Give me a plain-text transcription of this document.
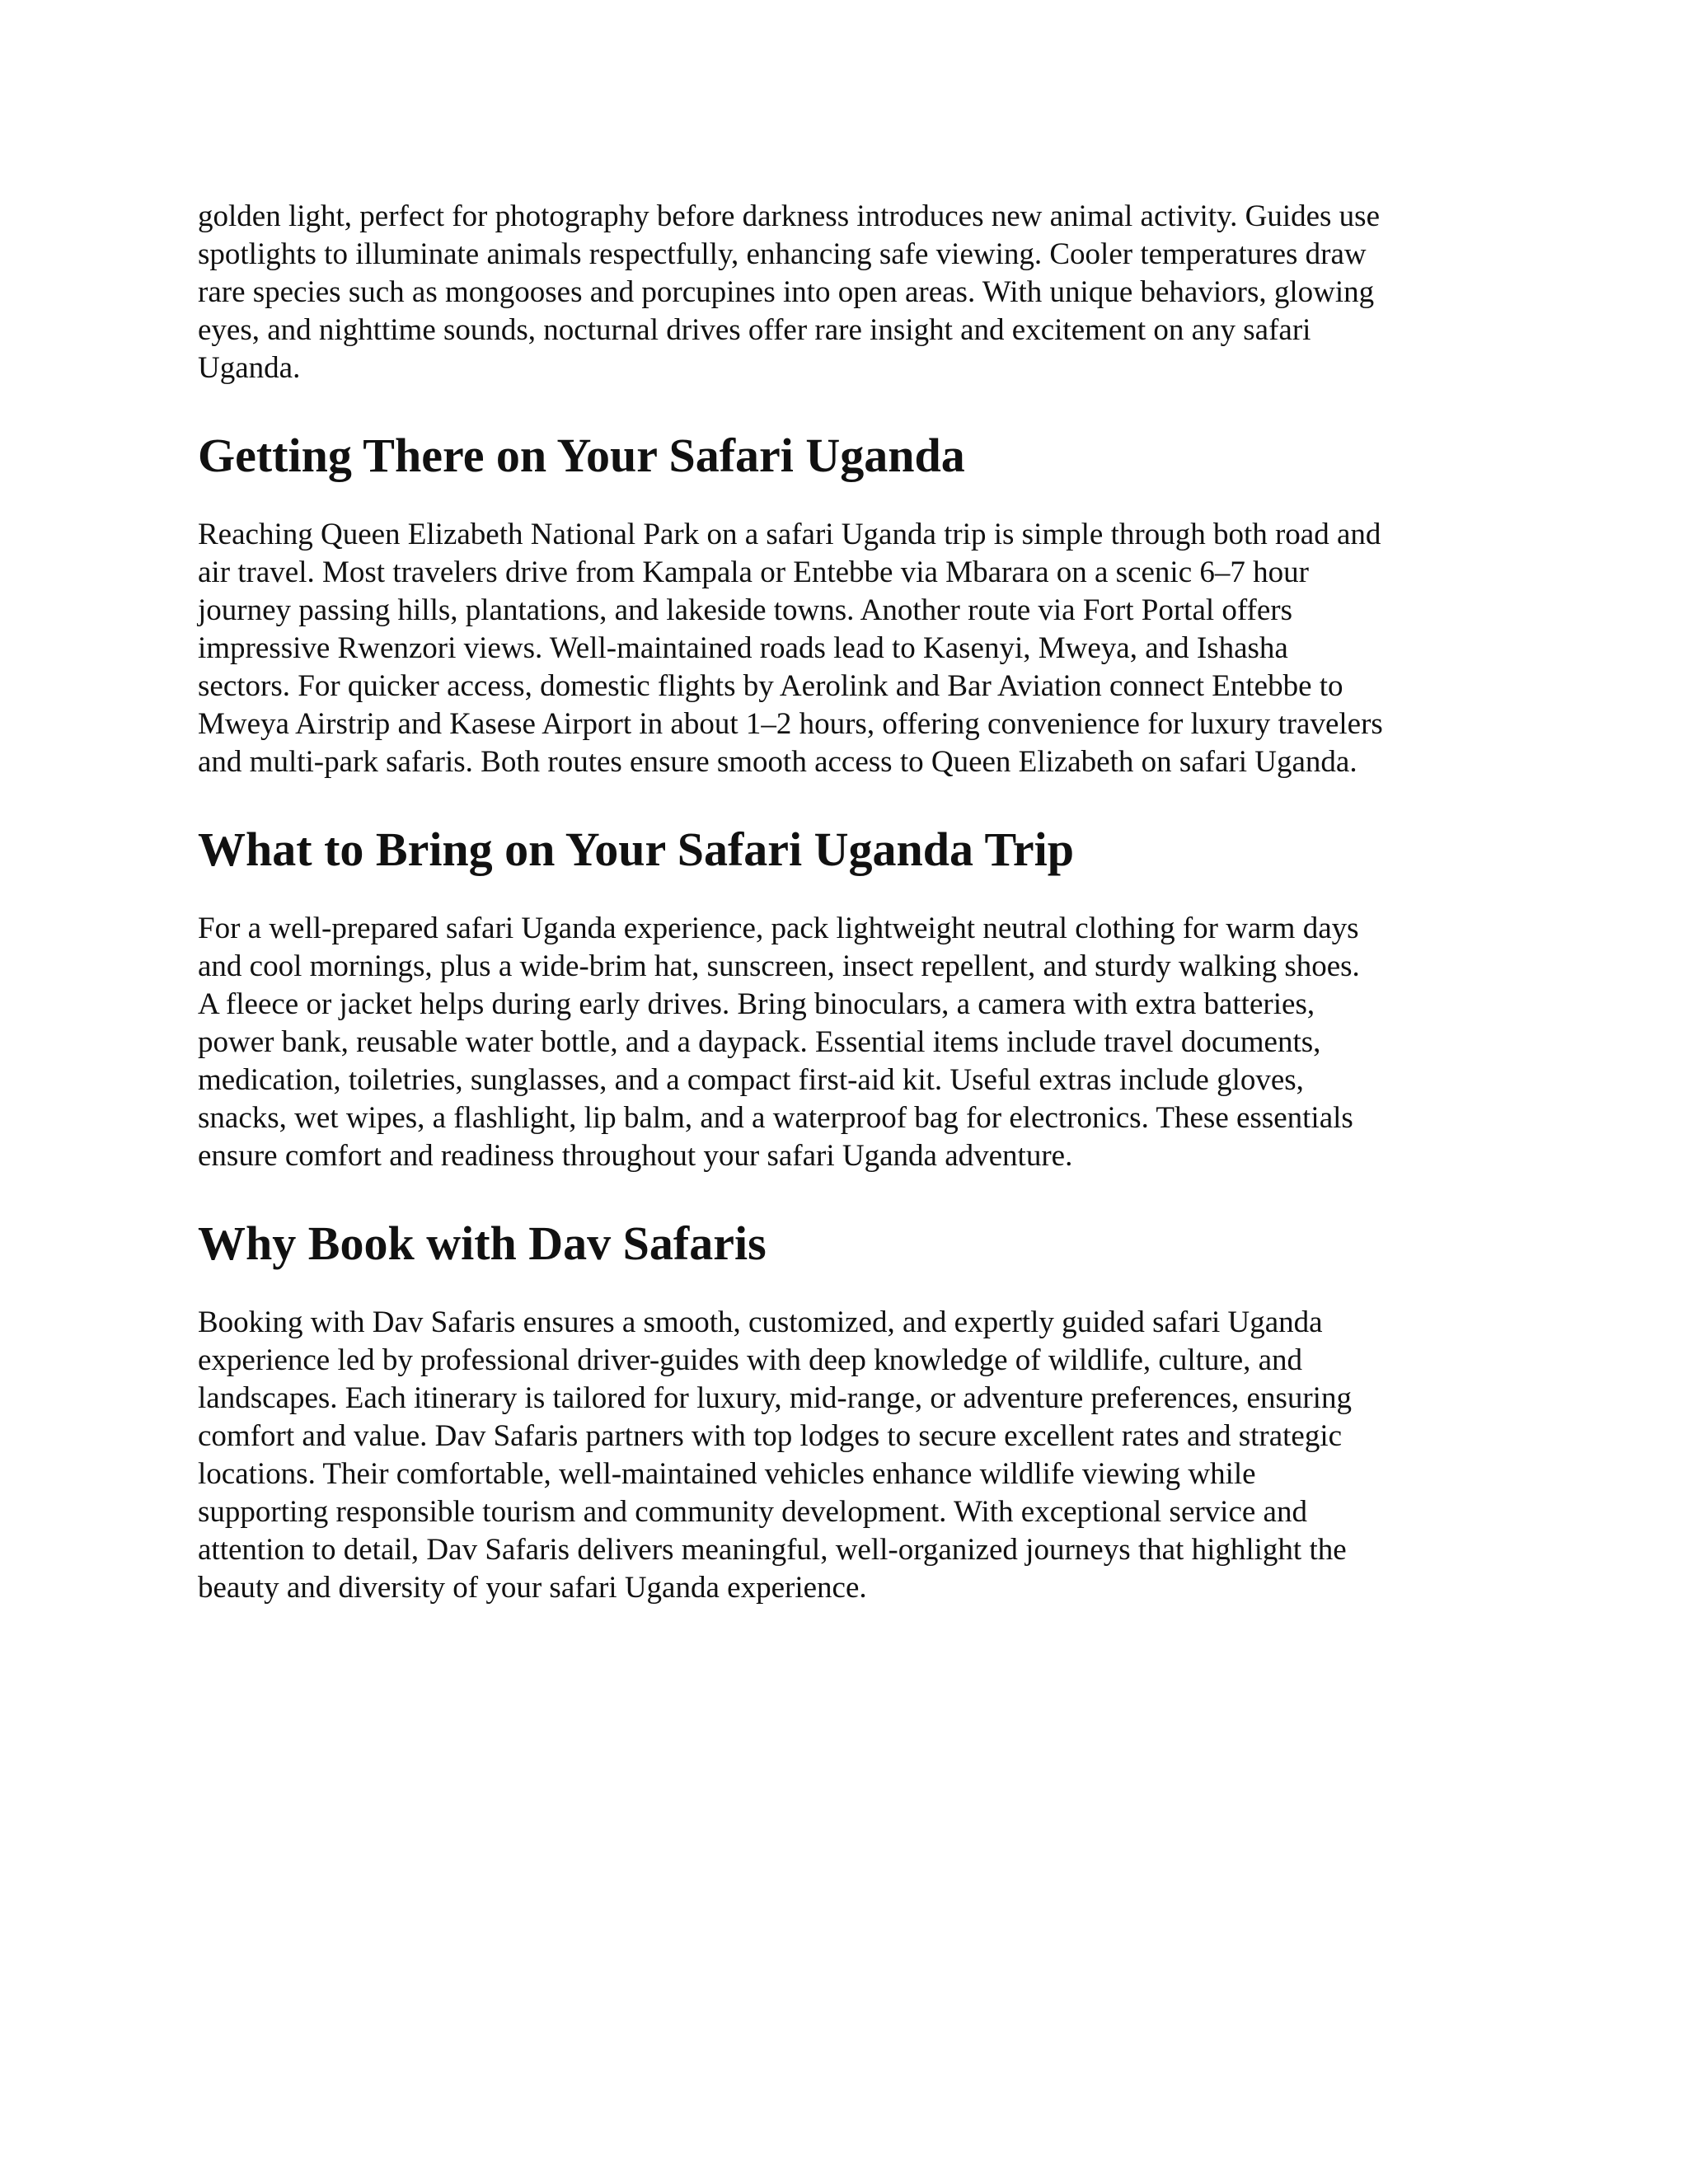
golden light, perfect for photography before darkness introduces new animal activity. Guides use
spotlights to illuminate animals respectfully, enhancing safe viewing. Cooler temperatures draw
rare species such as mongooses and porcupines into open areas. With unique behaviors, glowing
eyes, and nighttime sounds, nocturnal drives offer rare insight and excitement on any safari
Uganda.

Getting There on Your Safari Uganda

Reaching Queen Elizabeth National Park on a safari Uganda trip is simple through both road and
air travel. Most travelers drive from Kampala or Entebbe via Mbarara on a scenic 6–7 hour
journey passing hills, plantations, and lakeside towns. Another route via Fort Portal offers
impressive Rwenzori views. Well-maintained roads lead to Kasenyi, Mweya, and Ishasha
sectors. For quicker access, domestic flights by Aerolink and Bar Aviation connect Entebbe to
Mweya Airstrip and Kasese Airport in about 1–2 hours, offering convenience for luxury travelers
and multi-park safaris. Both routes ensure smooth access to Queen Elizabeth on safari Uganda.

What to Bring on Your Safari Uganda Trip

For a well-prepared safari Uganda experience, pack lightweight neutral clothing for warm days
and cool mornings, plus a wide-brim hat, sunscreen, insect repellent, and sturdy walking shoes.
A fleece or jacket helps during early drives. Bring binoculars, a camera with extra batteries,
power bank, reusable water bottle, and a daypack. Essential items include travel documents,
medication, toiletries, sunglasses, and a compact first-aid kit. Useful extras include gloves,
snacks, wet wipes, a flashlight, lip balm, and a waterproof bag for electronics. These essentials
ensure comfort and readiness throughout your safari Uganda adventure.

Why Book with Dav Safaris

Booking with Dav Safaris ensures a smooth, customized, and expertly guided safari Uganda
experience led by professional driver-guides with deep knowledge of wildlife, culture, and
landscapes. Each itinerary is tailored for luxury, mid-range, or adventure preferences, ensuring
comfort and value. Dav Safaris partners with top lodges to secure excellent rates and strategic
locations. Their comfortable, well-maintained vehicles enhance wildlife viewing while
supporting responsible tourism and community development. With exceptional service and
attention to detail, Dav Safaris delivers meaningful, well-organized journeys that highlight the
beauty and diversity of your safari Uganda experience.
